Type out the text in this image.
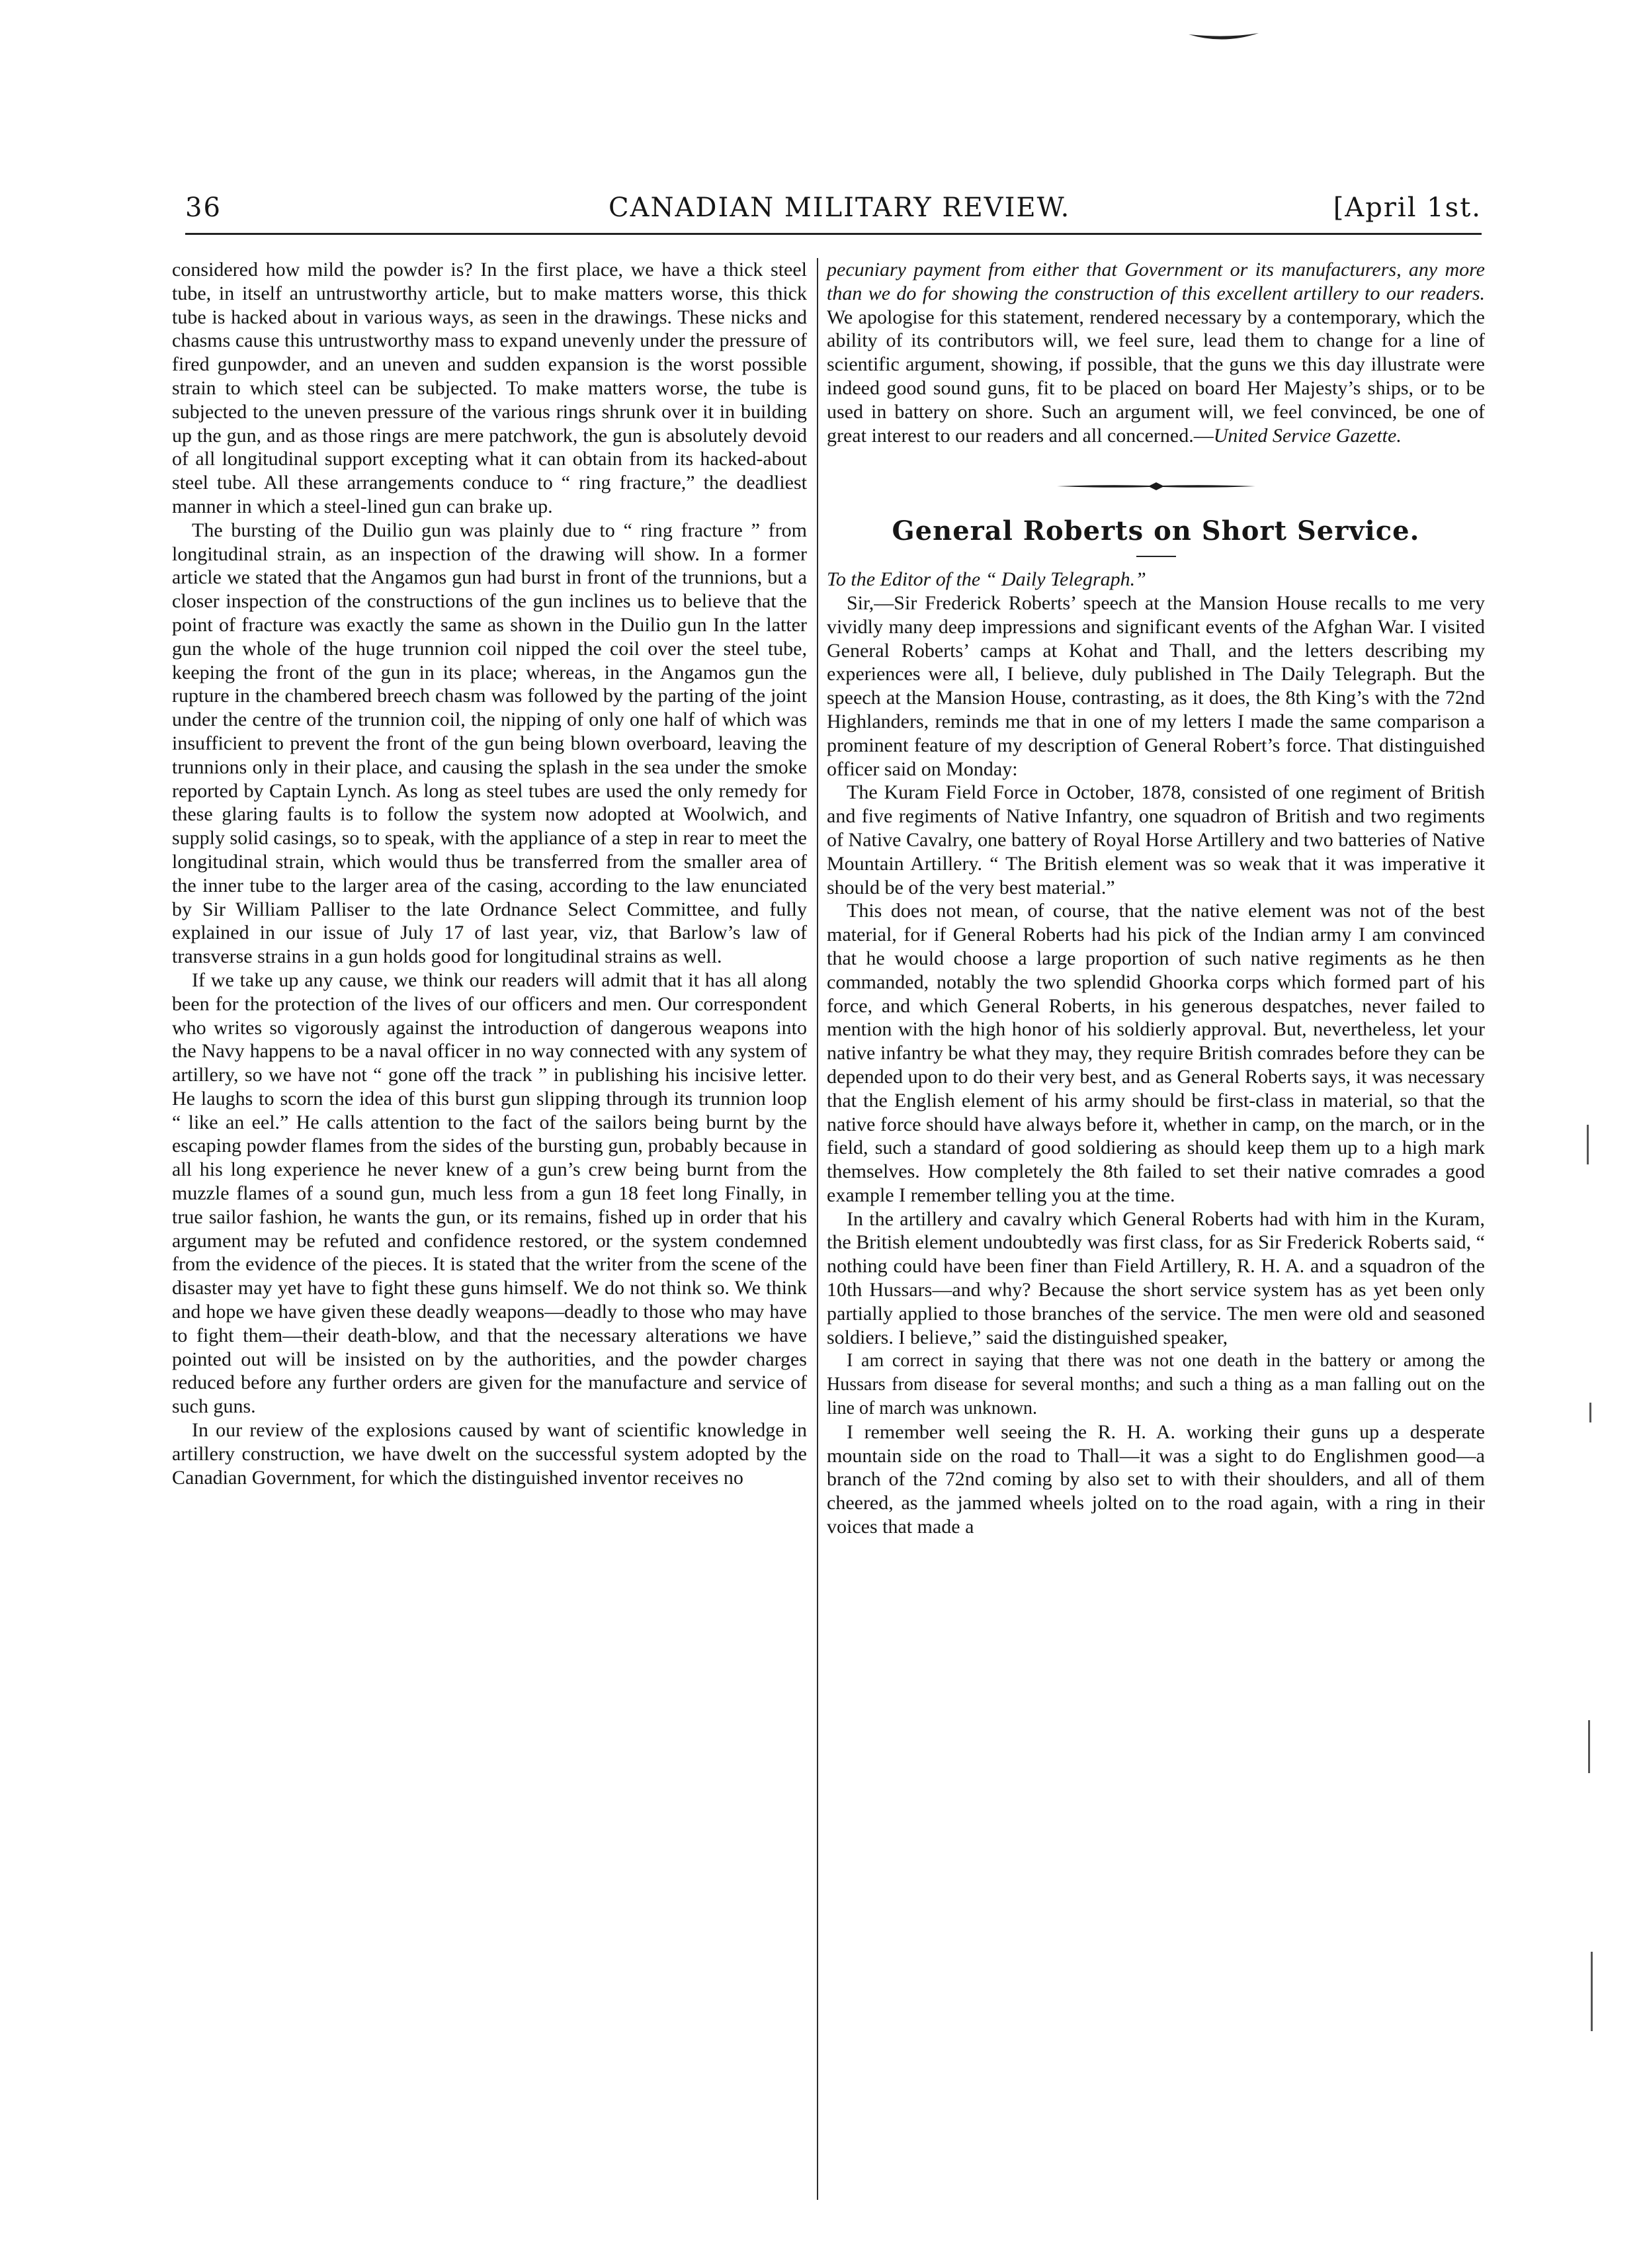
36	CANADIAN MILITARY REVIEW.	[April 1st.

considered how mild the powder is? In the first place, we have a thick steel tube, in itself an untrustworthy article, but to make matters worse, this thick tube is hacked about in various ways, as seen in the drawings. These nicks and chasms cause this untrustworthy mass to expand unevenly under the pressure of fired gunpowder, and an uneven and sudden expansion is the worst possible strain to which steel can be subjected. To make matters worse, the tube is subjected to the uneven pressure of the various rings shrunk over it in building up the gun, and as those rings are mere patchwork, the gun is absolutely devoid of all longitudinal support excepting what it can obtain from its hacked-about steel tube. All these arrangements conduce to “ ring fracture,” the deadliest manner in which a steel-lined gun can brake up.

The bursting of the Duilio gun was plainly due to “ ring fracture ” from longitudinal strain, as an inspection of the drawing will show. In a former article we stated that the Angamos gun had burst in front of the trunnions, but a closer inspection of the constructions of the gun inclines us to believe that the point of fracture was exactly the same as shown in the Duilio gun In the latter gun the whole of the huge trunnion coil nipped the coil over the steel tube, keeping the front of the gun in its place; whereas, in the Angamos gun the rupture in the chambered breech chasm was followed by the parting of the joint under the centre of the trunnion coil, the nipping of only one half of which was insufficient to prevent the front of the gun being blown overboard, leaving the trunnions only in their place, and causing the splash in the sea under the smoke reported by Captain Lynch. As long as steel tubes are used the only remedy for these glaring faults is to follow the system now adopted at Woolwich, and supply solid casings, so to speak, with the appliance of a step in rear to meet the longitudinal strain, which would thus be transferred from the smaller area of the inner tube to the larger area of the casing, according to the law enunciated by Sir William Palliser to the late Ordnance Select Committee, and fully explained in our issue of July 17 of last year, viz, that Barlow’s law of transverse strains in a gun holds good for longitudinal strains as well.

If we take up any cause, we think our readers will admit that it has all along been for the protection of the lives of our officers and men. Our correspondent who writes so vigorously against the introduction of dangerous weapons into the Navy happens to be a naval officer in no way connected with any system of artillery, so we have not “ gone off the track ” in publishing his incisive letter. He laughs to scorn the idea of this burst gun slipping through its trunnion loop “ like an eel.” He calls attention to the fact of the sailors being burnt by the escaping powder flames from the sides of the bursting gun, probably because in all his long experience he never knew of a gun’s crew being burnt from the muzzle flames of a sound gun, much less from a gun 18 feet long Finally, in true sailor fashion, he wants the gun, or its remains, fished up in order that his argument may be refuted and confidence restored, or the system condemned from the evidence of the pieces. It is stated that the writer from the scene of the disaster may yet have to fight these guns himself. We do not think so. We think and hope we have given these deadly weapons—deadly to those who may have to fight them—their death-blow, and that the necessary alterations we have pointed out will be insisted on by the authorities, and the powder charges reduced before any further orders are given for the manufacture and service of such guns.

In our review of the explosions caused by want of scientific knowledge in artillery construction, we have dwelt on the successful system adopted by the Canadian Government, for which the distinguished inventor receives no

pecuniary payment from either that Government or its manufacturers, any more than we do for showing the construction of this excellent artillery to our readers. We apologise for this statement, rendered necessary by a contemporary, which the ability of its contributors will, we feel sure, lead them to change for a line of scientific argument, showing, if possible, that the guns we this day illustrate were indeed good sound guns, fit to be placed on board Her Majesty’s ships, or to be used in battery on shore. Such an argument will, we feel convinced, be one of great interest to our readers and all concerned.—United Service Gazette.

General Roberts on Short Service.

To the Editor of the “ Daily Telegraph.”

Sir,—Sir Frederick Roberts’ speech at the Mansion House recalls to me very vividly many deep impressions and significant events of the Afghan War. I visited General Roberts’ camps at Kohat and Thall, and the letters describing my experiences were all, I believe, duly published in The Daily Telegraph. But the speech at the Mansion House, contrasting, as it does, the 8th King’s with the 72nd Highlanders, reminds me that in one of my letters I made the same comparison a prominent feature of my description of General Robert’s force. That distinguished officer said on Monday:

The Kuram Field Force in October, 1878, consisted of one regiment of British and five regiments of Native Infantry, one squadron of British and two regiments of Native Cavalry, one battery of Royal Horse Artillery and two batteries of Native Mountain Artillery. “ The British element was so weak that it was imperative it should be of the very best material.”

This does not mean, of course, that the native element was not of the best material, for if General Roberts had his pick of the Indian army I am convinced that he would choose a large proportion of such native regiments as he then commanded, notably the two splendid Ghoorka corps which formed part of his force, and which General Roberts, in his generous despatches, never failed to mention with the high honor of his soldierly approval. But, nevertheless, let your native infantry be what they may, they require British comrades before they can be depended upon to do their very best, and as General Roberts says, it was necessary that the English element of his army should be first-class in material, so that the native force should have always before it, whether in camp, on the march, or in the field, such a standard of good soldiering as should keep them up to a high mark themselves. How completely the 8th failed to set their native comrades a good example I remember telling you at the time.

In the artillery and cavalry which General Roberts had with him in the Kuram, the British element undoubtedly was first class, for as Sir Frederick Roberts said, “ nothing could have been finer than Field Artillery, R. H. A. and a squadron of the 10th Hussars—and why? Because the short service system has as yet been only partially applied to those branches of the service. The men were old and seasoned soldiers. I believe,” said the distinguished speaker,

I am correct in saying that there was not one death in the battery or among the Hussars from disease for several months; and such a thing as a man falling out on the line of march was unknown.

I remember well seeing the R. H. A. working their guns up a desperate mountain side on the road to Thall—it was a sight to do Englishmen good—a branch of the 72nd coming by also set to with their shoulders, and all of them cheered, as the jammed wheels jolted on to the road again, with a ring in their voices that made a
